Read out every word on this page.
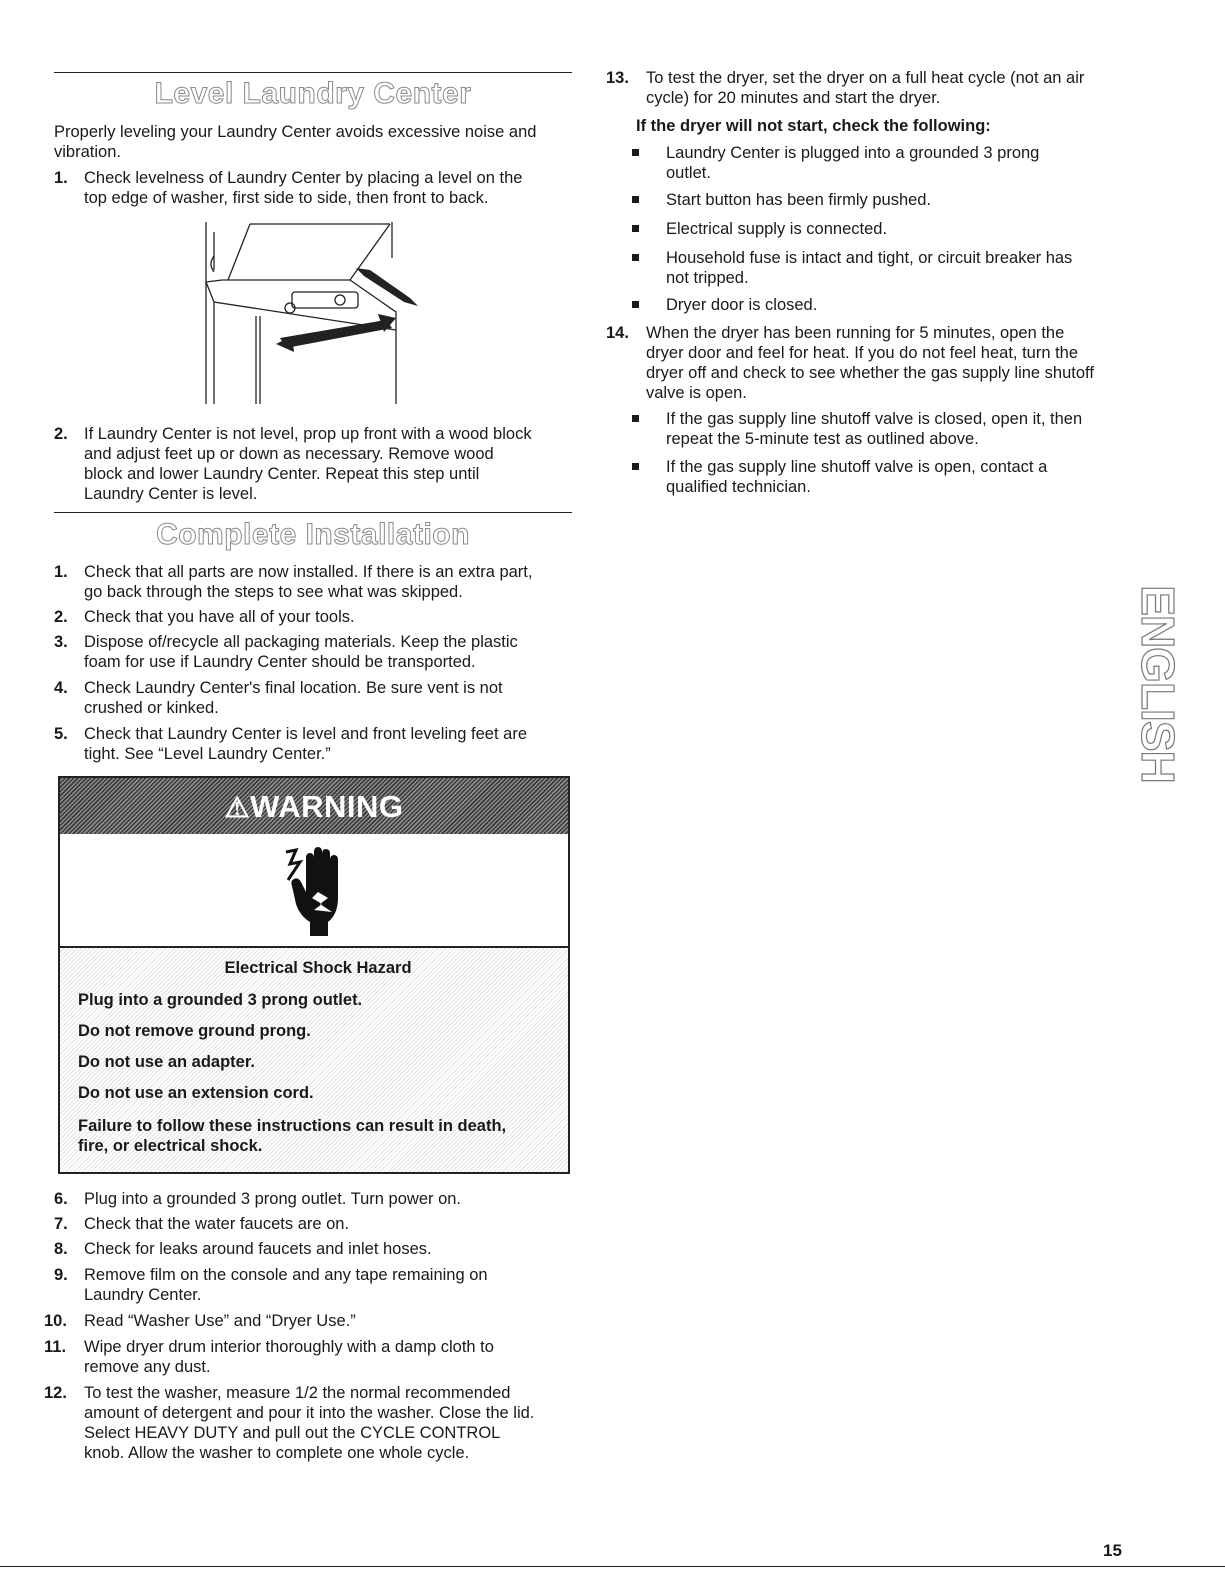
Level Laundry Center
Properly leveling your Laundry Center avoids excessive noise and vibration.
1. Check levelness of Laundry Center by placing a level on the
top edge of washer, first side to side, then front to back.
2. If Laundry Center is not level, prop up front with a wood block
and adjust feet up or down as necessary. Remove wood
block and lower Laundry Center. Repeat this step until
Laundry Center is level.
Complete Installation
1. Check that all parts are now installed. If there is an extra part,
go back through the steps to see what was skipped.
2. Check that you have all of your tools.
3. Dispose of/recycle all packaging materials. Keep the plastic
foam for use if Laundry Center should be transported.
4. Check Laundry Center's final location. Be sure vent is not
crushed or kinked.
5. Check that Laundry Center is level and front leveling feet are
tight. See “Level Laundry Center.”
⚠WARNING
Electrical Shock Hazard
Plug into a grounded 3 prong outlet.
Do not remove ground prong.
Do not use an adapter.
Do not use an extension cord.
Failure to follow these instructions can result in death,
fire, or electrical shock.
6. Plug into a grounded 3 prong outlet. Turn power on.
7. Check that the water faucets are on.
8. Check for leaks around faucets and inlet hoses.
9. Remove film on the console and any tape remaining on
Laundry Center.
10. Read “Washer Use” and “Dryer Use.”
11. Wipe dryer drum interior thoroughly with a damp cloth to
remove any dust.
12. To test the washer, measure 1/2 the normal recommended
amount of detergent and pour it into the washer. Close the lid.
Select HEAVY DUTY and pull out the CYCLE CONTROL
knob. Allow the washer to complete one whole cycle.
13. To test the dryer, set the dryer on a full heat cycle (not an air
cycle) for 20 minutes and start the dryer.
If the dryer will not start, check the following:
Laundry Center is plugged into a grounded 3 prong
outlet.
Start button has been firmly pushed.
Electrical supply is connected.
Household fuse is intact and tight, or circuit breaker has
not tripped.
Dryer door is closed.
14. When the dryer has been running for 5 minutes, open the
dryer door and feel for heat. If you do not feel heat, turn the
dryer off and check to see whether the gas supply line shutoff
valve is open.
If the gas supply line shutoff valve is closed, open it, then
repeat the 5-minute test as outlined above.
If the gas supply line shutoff valve is open, contact a
qualified technician.
ENGLISH
15
